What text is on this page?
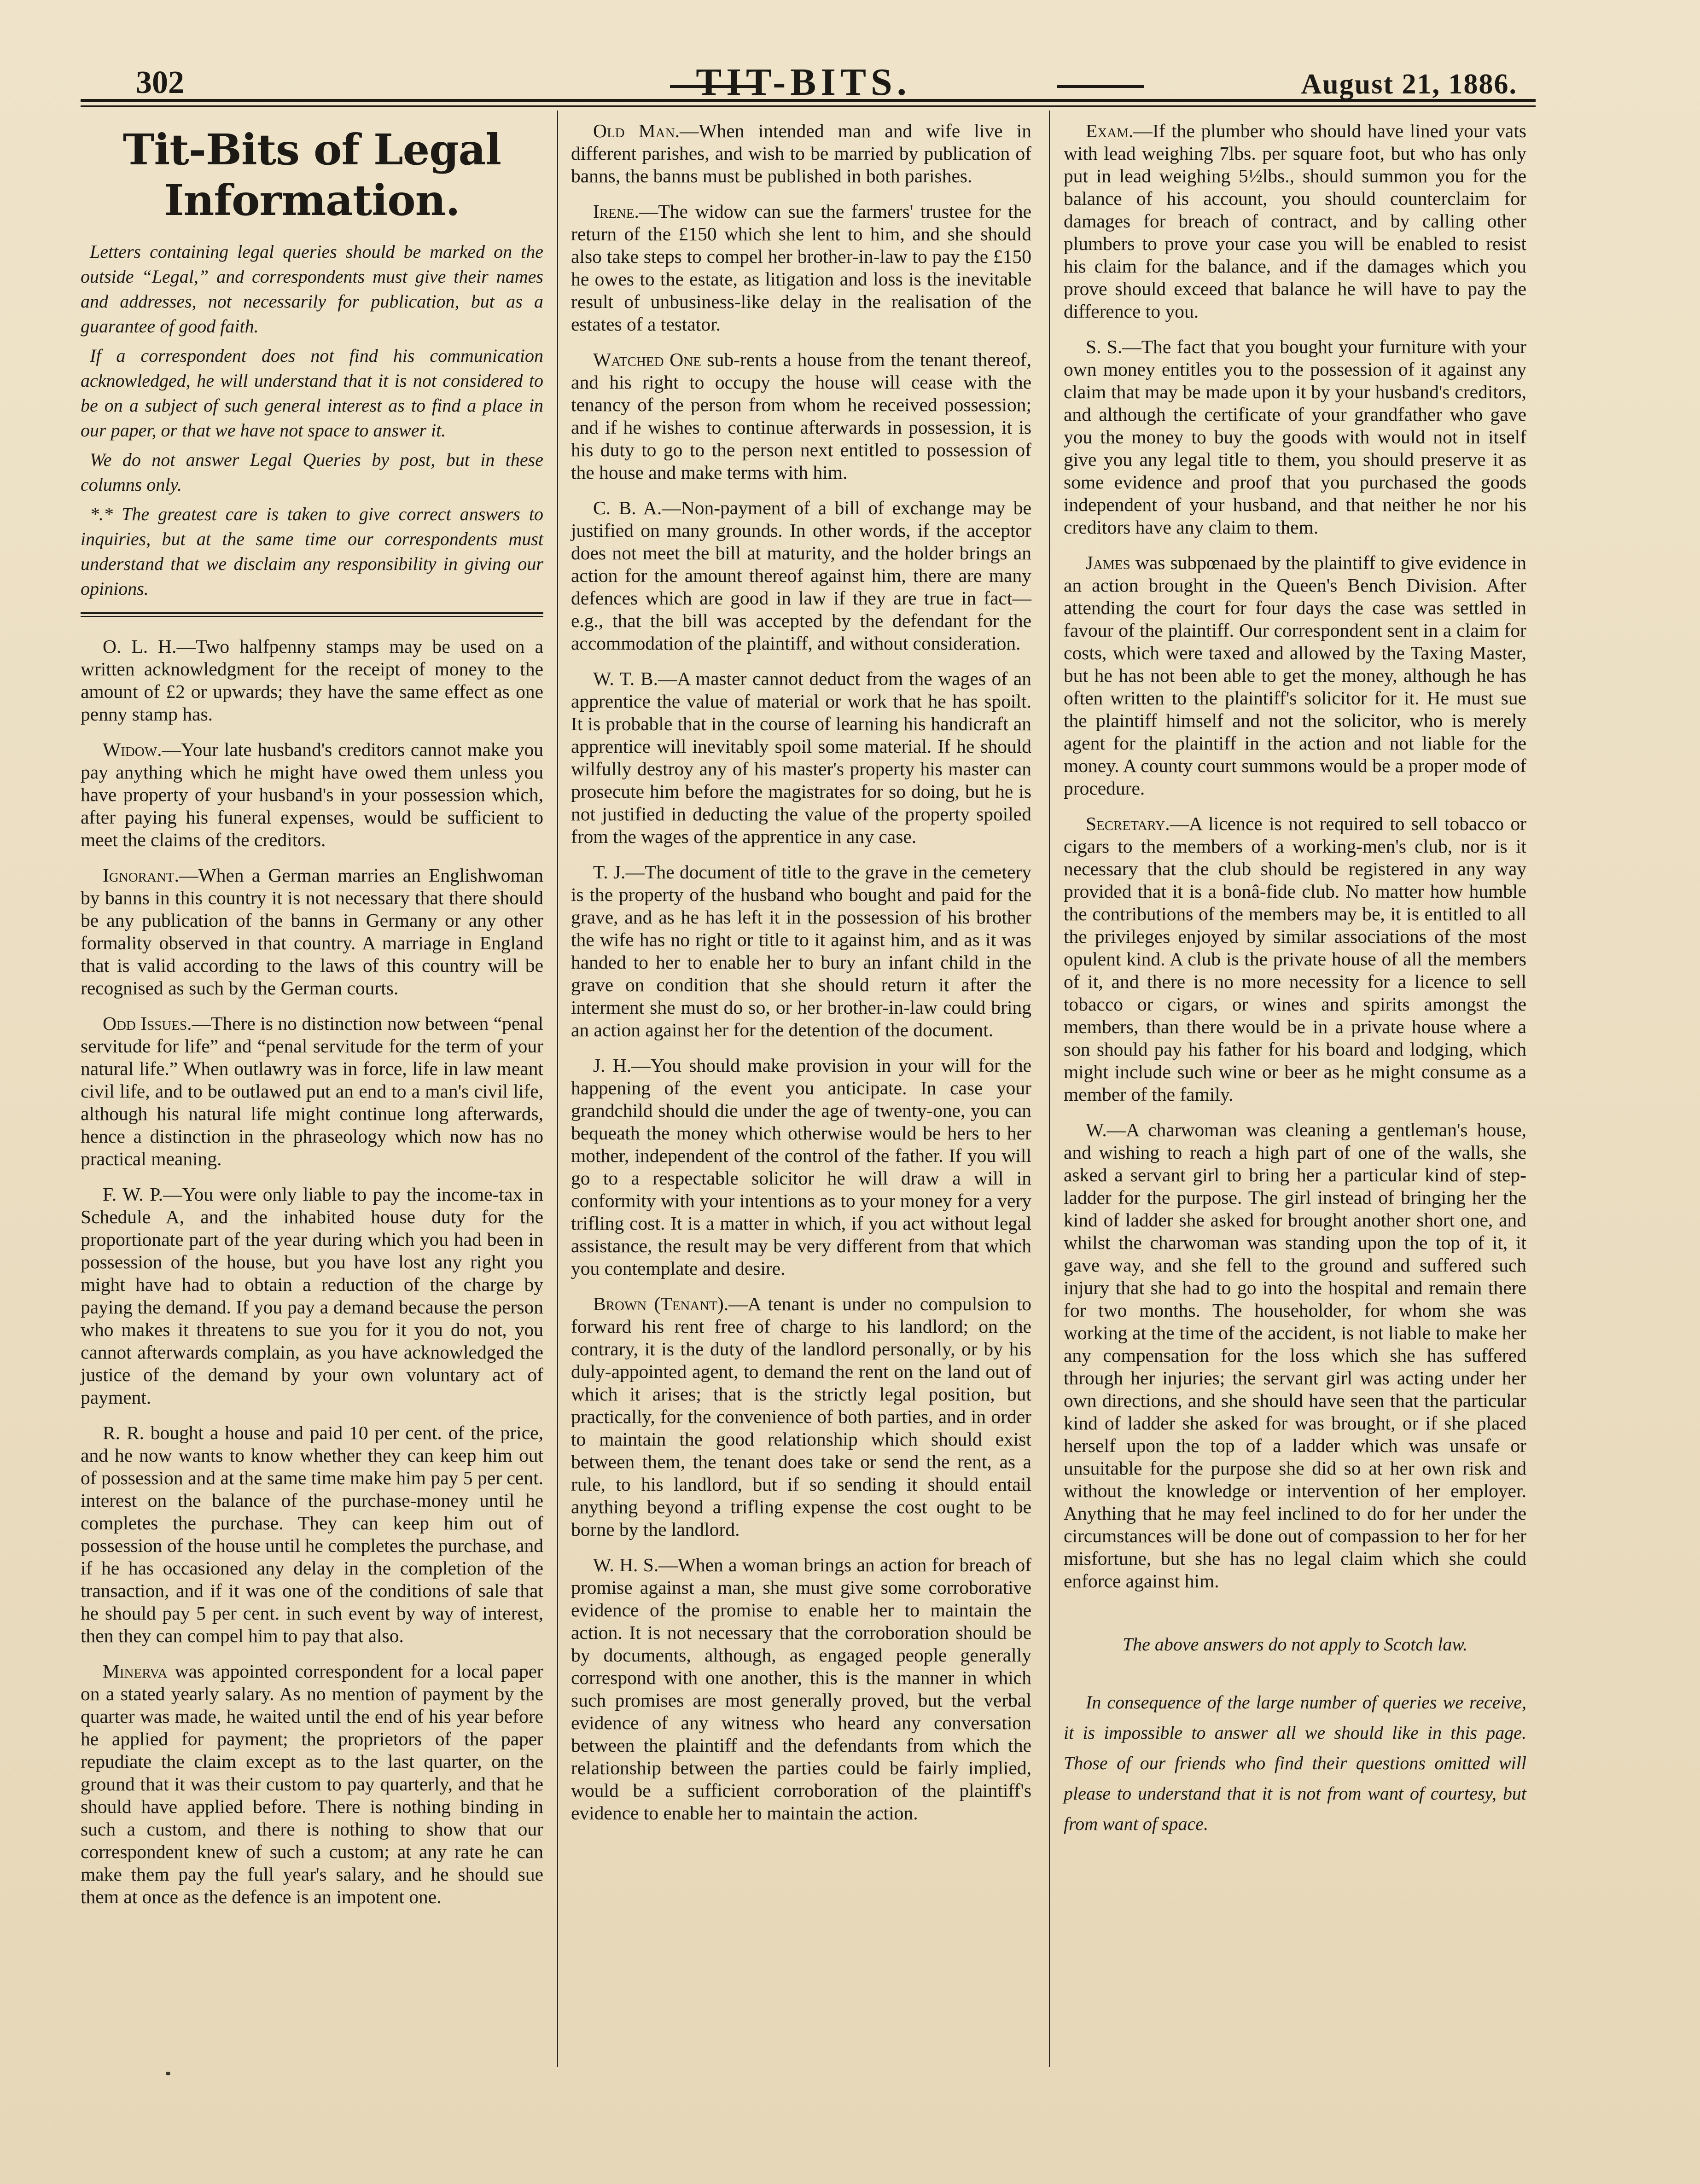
302	TIT-BITS.	August 21, 1886.
Tit-Bits of Legal Information.

Letters containing legal queries should be marked on the outside “Legal,” and correspondents must give their names and addresses, not necessarily for publication, but as a guarantee of good faith.

If a correspondent does not find his communication acknowledged, he will understand that it is not considered to be on a subject of such general interest as to find a place in our paper, or that we have not space to answer it.

We do not answer Legal Queries by post, but in these columns only.

*.* The greatest care is taken to give correct answers to inquiries, but at the same time our correspondents must understand that we disclaim any responsibility in giving our opinions.

O. L. H.—Two halfpenny stamps may be used on a written acknowledgment for the receipt of money to the amount of £2 or upwards; they have the same effect as one penny stamp has.

Widow.—Your late husband's creditors cannot make you pay anything which he might have owed them unless you have property of your husband's in your possession which, after paying his funeral expenses, would be sufficient to meet the claims of the creditors.

Ignorant.—When a German marries an Englishwoman by banns in this country it is not necessary that there should be any publication of the banns in Germany or any other formality observed in that country. A marriage in England that is valid according to the laws of this country will be recognised as such by the German courts.

Odd Issues.—There is no distinction now between “penal servitude for life” and “penal servitude for the term of your natural life.” When outlawry was in force, life in law meant civil life, and to be outlawed put an end to a man's civil life, although his natural life might continue long afterwards, hence a distinction in the phraseology which now has no practical meaning.

F. W. P.—You were only liable to pay the income-tax in Schedule A, and the inhabited house duty for the proportionate part of the year during which you had been in possession of the house, but you have lost any right you might have had to obtain a reduction of the charge by paying the demand. If you pay a demand because the person who makes it threatens to sue you for it you do not, you cannot afterwards complain, as you have acknowledged the justice of the demand by your own voluntary act of payment.

R. R. bought a house and paid 10 per cent. of the price, and he now wants to know whether they can keep him out of possession and at the same time make him pay 5 per cent. interest on the balance of the purchase-money until he completes the purchase. They can keep him out of possession of the house until he completes the purchase, and if he has occasioned any delay in the completion of the transaction, and if it was one of the conditions of sale that he should pay 5 per cent. in such event by way of interest, then they can compel him to pay that also.

Minerva was appointed correspondent for a local paper on a stated yearly salary. As no mention of payment by the quarter was made, he waited until the end of his year before he applied for payment; the proprietors of the paper repudiate the claim except as to the last quarter, on the ground that it was their custom to pay quarterly, and that he should have applied before. There is nothing binding in such a custom, and there is nothing to show that our correspondent knew of such a custom; at any rate he can make them pay the full year's salary, and he should sue them at once as the defence is an impotent one.

Old Man.—When intended man and wife live in different parishes, and wish to be married by publication of banns, the banns must be published in both parishes.

Irene.—The widow can sue the farmers' trustee for the return of the £150 which she lent to him, and she should also take steps to compel her brother-in-law to pay the £150 he owes to the estate, as litigation and loss is the inevitable result of unbusiness-like delay in the realisation of the estates of a testator.

Watched One sub-rents a house from the tenant thereof, and his right to occupy the house will cease with the tenancy of the person from whom he received possession; and if he wishes to continue afterwards in possession, it is his duty to go to the person next entitled to possession of the house and make terms with him.

C. B. A.—Non-payment of a bill of exchange may be justified on many grounds. In other words, if the acceptor does not meet the bill at maturity, and the holder brings an action for the amount thereof against him, there are many defences which are good in law if they are true in fact—e.g., that the bill was accepted by the defendant for the accommodation of the plaintiff, and without consideration.

W. T. B.—A master cannot deduct from the wages of an apprentice the value of material or work that he has spoilt. It is probable that in the course of learning his handicraft an apprentice will inevitably spoil some material. If he should wilfully destroy any of his master's property his master can prosecute him before the magistrates for so doing, but he is not justified in deducting the value of the property spoiled from the wages of the apprentice in any case.

T. J.—The document of title to the grave in the cemetery is the property of the husband who bought and paid for the grave, and as he has left it in the possession of his brother the wife has no right or title to it against him, and as it was handed to her to enable her to bury an infant child in the grave on condition that she should return it after the interment she must do so, or her brother-in-law could bring an action against her for the detention of the document.

J. H.—You should make provision in your will for the happening of the event you anticipate. In case your grandchild should die under the age of twenty-one, you can bequeath the money which otherwise would be hers to her mother, independent of the control of the father. If you will go to a respectable solicitor he will draw a will in conformity with your intentions as to your money for a very trifling cost. It is a matter in which, if you act without legal assistance, the result may be very different from that which you contemplate and desire.

Brown (Tenant).—A tenant is under no compulsion to forward his rent free of charge to his landlord; on the contrary, it is the duty of the landlord personally, or by his duly-appointed agent, to demand the rent on the land out of which it arises; that is the strictly legal position, but practically, for the convenience of both parties, and in order to maintain the good relationship which should exist between them, the tenant does take or send the rent, as a rule, to his landlord, but if so sending it should entail anything beyond a trifling expense the cost ought to be borne by the landlord.

W. H. S.—When a woman brings an action for breach of promise against a man, she must give some corroborative evidence of the promise to enable her to maintain the action. It is not necessary that the corroboration should be by documents, although, as engaged people generally correspond with one another, this is the manner in which such promises are most generally proved, but the verbal evidence of any witness who heard any conversation between the plaintiff and the defendants from which the relationship between the parties could be fairly implied, would be a sufficient corroboration of the plaintiff's evidence to enable her to maintain the action.

Exam.—If the plumber who should have lined your vats with lead weighing 7lbs. per square foot, but who has only put in lead weighing 5½lbs., should summon you for the balance of his account, you should counterclaim for damages for breach of contract, and by calling other plumbers to prove your case you will be enabled to resist his claim for the balance, and if the damages which you prove should exceed that balance he will have to pay the difference to you.

S. S.—The fact that you bought your furniture with your own money entitles you to the possession of it against any claim that may be made upon it by your husband's creditors, and although the certificate of your grandfather who gave you the money to buy the goods with would not in itself give you any legal title to them, you should preserve it as some evidence and proof that you purchased the goods independent of your husband, and that neither he nor his creditors have any claim to them.

James was subpœnaed by the plaintiff to give evidence in an action brought in the Queen's Bench Division. After attending the court for four days the case was settled in favour of the plaintiff. Our correspondent sent in a claim for costs, which were taxed and allowed by the Taxing Master, but he has not been able to get the money, although he has often written to the plaintiff's solicitor for it. He must sue the plaintiff himself and not the solicitor, who is merely agent for the plaintiff in the action and not liable for the money. A county court summons would be a proper mode of procedure.

Secretary.—A licence is not required to sell tobacco or cigars to the members of a working-men's club, nor is it necessary that the club should be registered in any way provided that it is a bonâ-fide club. No matter how humble the contributions of the members may be, it is entitled to all the privileges enjoyed by similar associations of the most opulent kind. A club is the private house of all the members of it, and there is no more necessity for a licence to sell tobacco or cigars, or wines and spirits amongst the members, than there would be in a private house where a son should pay his father for his board and lodging, which might include such wine or beer as he might consume as a member of the family.

W.—A charwoman was cleaning a gentleman's house, and wishing to reach a high part of one of the walls, she asked a servant girl to bring her a particular kind of step-ladder for the purpose. The girl instead of bringing her the kind of ladder she asked for brought another short one, and whilst the charwoman was standing upon the top of it, it gave way, and she fell to the ground and suffered such injury that she had to go into the hospital and remain there for two months. The householder, for whom she was working at the time of the accident, is not liable to make her any compensation for the loss which she has suffered through her injuries; the servant girl was acting under her own directions, and she should have seen that the particular kind of ladder she asked for was brought, or if she placed herself upon the top of a ladder which was unsafe or unsuitable for the purpose she did so at her own risk and without the knowledge or intervention of her employer. Anything that he may feel inclined to do for her under the circumstances will be done out of compassion to her for her misfortune, but she has no legal claim which she could enforce against him.

The above answers do not apply to Scotch law.

In consequence of the large number of queries we receive, it is impossible to answer all we should like in this page. Those of our friends who find their questions omitted will please to understand that it is not from want of courtesy, but from want of space.
